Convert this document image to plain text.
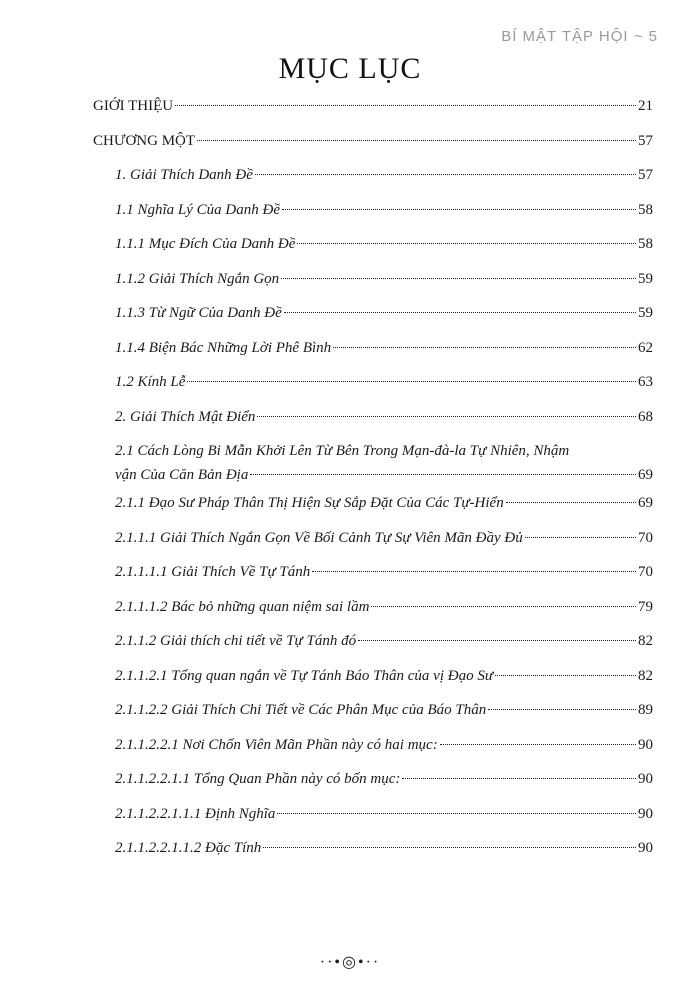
BÍ MẬT TẬP HỘI ~ 5
MỤC LỤC
GIỚI THIỆU	21
CHƯƠNG MỘT	57
1. Giải Thích Danh Đề	57
1.1 Nghĩa Lý Của Danh Đề	58
1.1.1 Mục Đích Của Danh Đề	58
1.1.2 Giải Thích Ngắn Gọn	59
1.1.3 Từ Ngữ Của Danh Đề	59
1.1.4 Biện Bác Những Lời Phê Bình	62
1.2 Kính Lễ	63
2. Giải Thích Mật Điển	68
2.1 Cách Lòng Bi Mẫn Khởi Lên Từ Bên Trong Mạn-đà-la Tự Nhiên, Nhậm
vận Của Căn Bản Địa	69
2.1.1 Đạo Sư Pháp Thân Thị Hiện Sự Sắp Đặt Của Các Tự-Hiển	69
2.1.1.1 Giải Thích Ngắn Gọn Về Bối Cảnh Tự Sự Viên Mãn Đầy Đủ	70
2.1.1.1.1 Giải Thích Về Tự Tánh	70
2.1.1.1.2 Bác bỏ những quan niệm sai lầm	79
2.1.1.2 Giải thích chi tiết về Tự Tánh đó	82
2.1.1.2.1 Tổng quan ngắn về Tự Tánh Báo Thân của vị Đạo Sư	82
2.1.1.2.2 Giải Thích Chi Tiết về Các Phân Mục của Báo Thân	89
2.1.1.2.2.1 Nơi Chốn Viên Mãn Phần này có hai mục:	90
2.1.1.2.2.1.1 Tổng Quan Phần này có bốn mục:	90
2.1.1.2.2.1.1.1 Định Nghĩa	90
2.1.1.2.2.1.1.2 Đặc Tính	90
··•◎•··
